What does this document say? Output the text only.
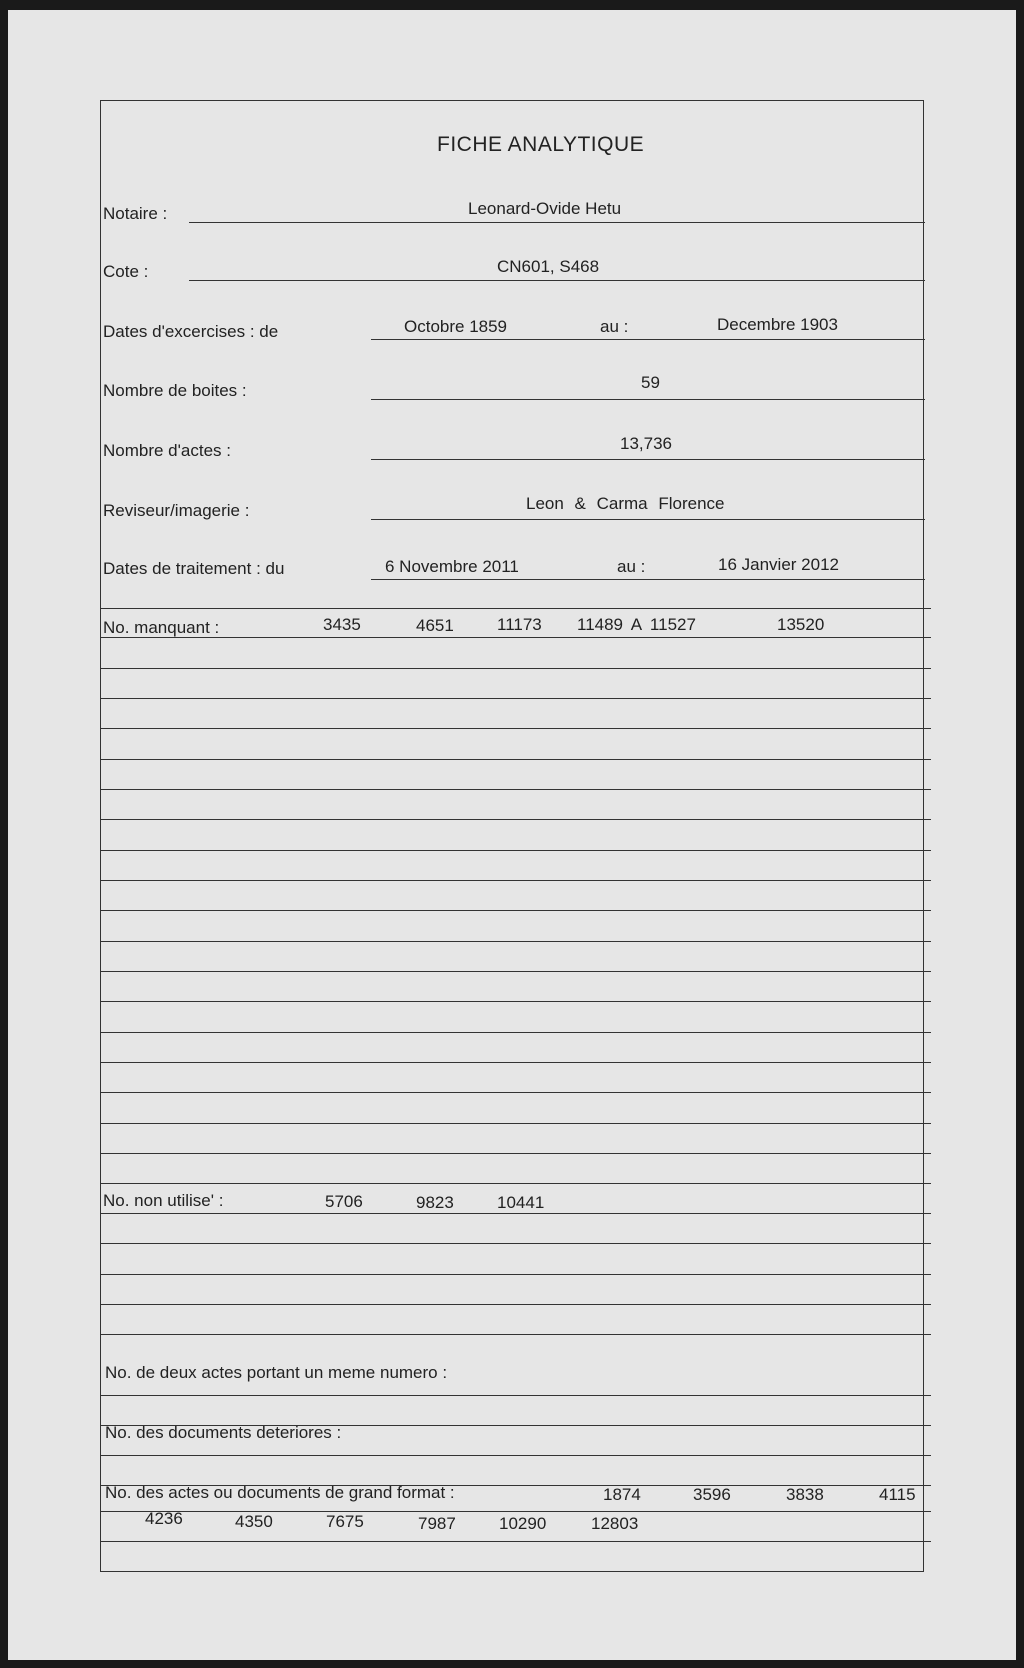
FICHE ANALYTIQUE
Notaire :	Leonard-Ovide Hetu
Cote :	CN601, S468
Dates d'excercises : de	Octobre 1859	au :	Decembre 1903
Nombre de boites :	59
Nombre d'actes :	13,736
Reviseur/imagerie :	Leon & Carma Florence
Dates de traitement : du	6 Novembre 2011	au :	16 Janvier 2012
No. manquant :	3435	4651	11173 11489 A 11527	13520
No. non utilise' :	5706	9823	10441
No. de deux actes portant un meme numero :
No. des documents deteriores :
No. des actes ou documents de grand format :	1874	3596	3838	4115
4236	4350	7675	7987	10290	12803
